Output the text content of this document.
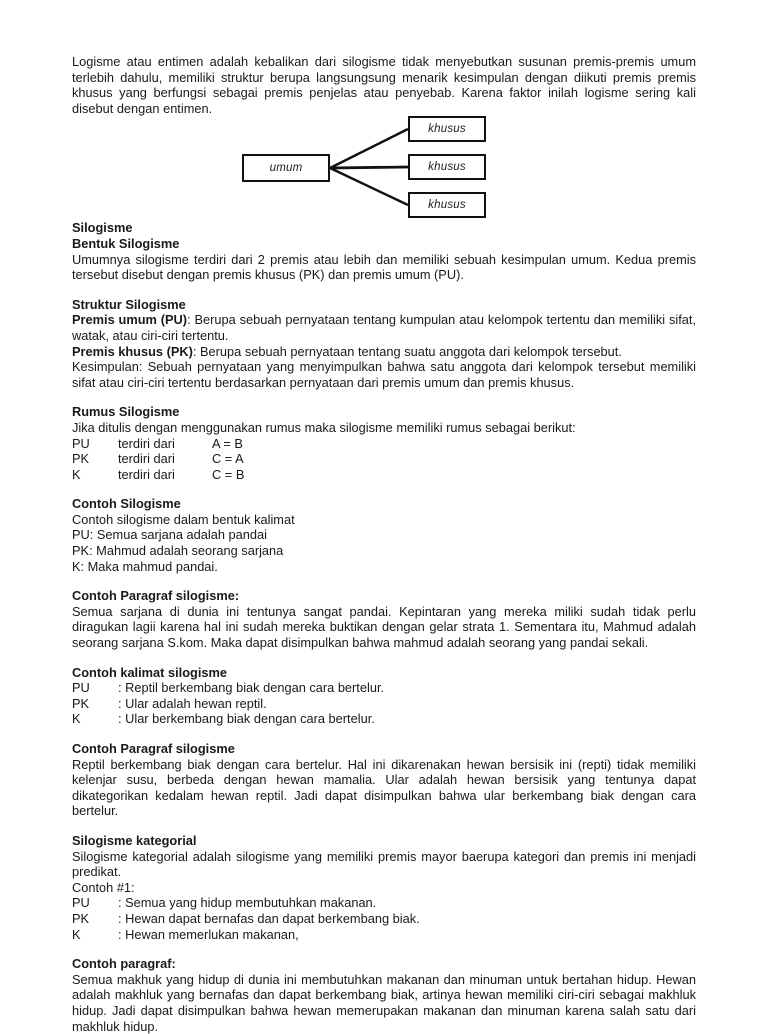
Logisme atau entimen adalah kebalikan dari silogisme tidak menyebutkan susunan premis-premis umum terlebih dahulu, memiliki struktur berupa langsungsung menarik kesimpulan dengan diikuti premis premis khusus yang berfungsi sebagai premis penjelas atau penyebab. Karena faktor inilah logisme sering kali disebut dengan entimen.

umum
khusus
khusus
khusus

Silogisme

Bentuk Silogisme

Umumnya silogisme terdiri dari 2 premis atau lebih dan memiliki sebuah kesimpulan umum. Kedua premis tersebut disebut dengan premis khusus (PK) dan premis umum (PU).

Struktur Silogisme

Premis umum (PU): Berupa sebuah pernyataan tentang kumpulan atau kelompok tertentu dan memiliki sifat, watak, atau ciri-ciri tertentu.

Premis khusus (PK): Berupa sebuah pernyataan tentang suatu anggota dari kelompok tersebut.

Kesimpulan: Sebuah pernyataan yang menyimpulkan bahwa satu anggota dari kelompok tersebut memiliki sifat atau ciri-ciri tertentu berdasarkan pernyataan dari premis umum dan premis khusus.

Rumus Silogisme

Jika ditulis dengan menggunakan rumus maka silogisme memiliki rumus sebagai berikut:

PU	terdiri dari	A = B
PK	terdiri dari	C = A
K	terdiri dari	C = B

Contoh Silogisme

Contoh silogisme dalam bentuk kalimat

PU: Semua sarjana adalah pandai

PK: Mahmud adalah seorang sarjana

K: Maka mahmud pandai.

Contoh Paragraf silogisme:

Semua sarjana di dunia ini tentunya sangat pandai. Kepintaran yang mereka miliki sudah tidak perlu diragukan lagii karena hal ini sudah mereka buktikan dengan gelar strata 1. Sementara itu, Mahmud adalah seorang sarjana S.kom. Maka dapat disimpulkan bahwa mahmud adalah seorang yang pandai sekali.

Contoh kalimat silogisme

PU	: Reptil berkembang biak dengan cara bertelur.
PK	: Ular adalah hewan reptil.
K	: Ular berkembang biak dengan cara bertelur.

Contoh Paragraf silogisme

Reptil berkembang biak dengan cara bertelur. Hal ini dikarenakan hewan bersisik ini (repti) tidak memiliki kelenjar susu, berbeda dengan hewan mamalia. Ular adalah hewan bersisik yang tentunya dapat dikategorikan kedalam hewan reptil. Jadi dapat disimpulkan bahwa ular berkembang biak dengan cara bertelur.

Silogisme kategorial

Silogisme kategorial adalah silogisme yang memiliki premis mayor baerupa kategori dan premis ini menjadi predikat.

Contoh #1:

PU	: Semua yang hidup membutuhkan makanan.
PK	: Hewan dapat bernafas dan dapat berkembang biak.
K	: Hewan memerlukan makanan,

Contoh paragraf:

Semua makhuk yang hidup di dunia ini membutuhkan makanan dan minuman untuk bertahan hidup. Hewan adalah makhluk yang bernafas dan dapat berkembang biak, artinya hewan memiliki ciri-ciri sebagai makhluk hidup. Jadi dapat disimpulkan bahwa hewan memerupakan makanan dan minuman karena salah satu dari makhluk hidup.
